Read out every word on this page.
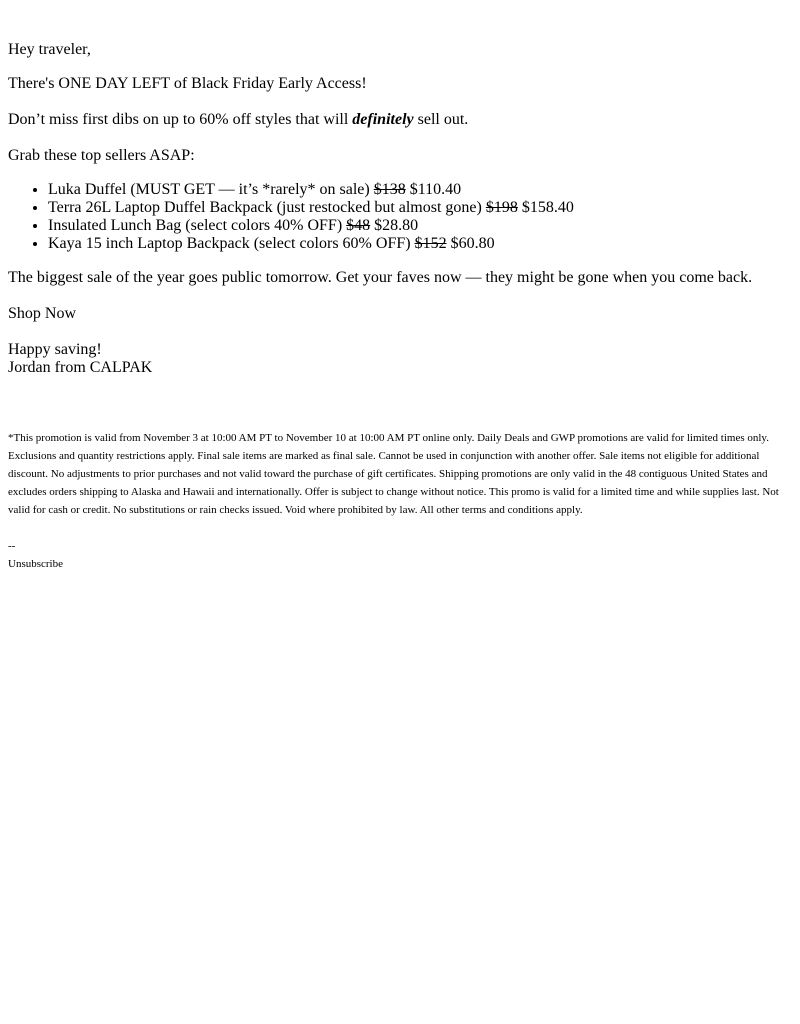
Hey traveler,

There's ONE DAY LEFT of Black Friday Early Access!

Don’t miss first dibs on up to 60% off styles that will definitely sell out.

Grab these top sellers ASAP:

• Luka Duffel (MUST GET — it’s *rarely* on sale) $138 $110.40
• Terra 26L Laptop Duffel Backpack (just restocked but almost gone) $198 $158.40
• Insulated Lunch Bag (select colors 40% OFF) $48 $28.80
• Kaya 15 inch Laptop Backpack (select colors 60% OFF) $152 $60.80

The biggest sale of the year goes public tomorrow. Get your faves now — they might be gone when you come back.

Shop Now

Happy saving!

Jordan from CALPAK

*This promotion is valid from November 3 at 10:00 AM PT to November 10 at 10:00 AM PT online only. Daily Deals and GWP promotions are valid for limited times only. Exclusions and quantity restrictions apply. Final sale items are marked as final sale. Cannot be used in conjunction with another offer. Sale items not eligible for additional discount. No adjustments to prior purchases and not valid toward the purchase of gift certificates. Shipping promotions are only valid in the 48 contiguous United States and excludes orders shipping to Alaska and Hawaii and internationally. Offer is subject to change without notice. This promo is valid for a limited time and while supplies last. Not valid for cash or credit. No substitutions or rain checks issued. Void where prohibited by law. All other terms and conditions apply.

--
Unsubscribe
